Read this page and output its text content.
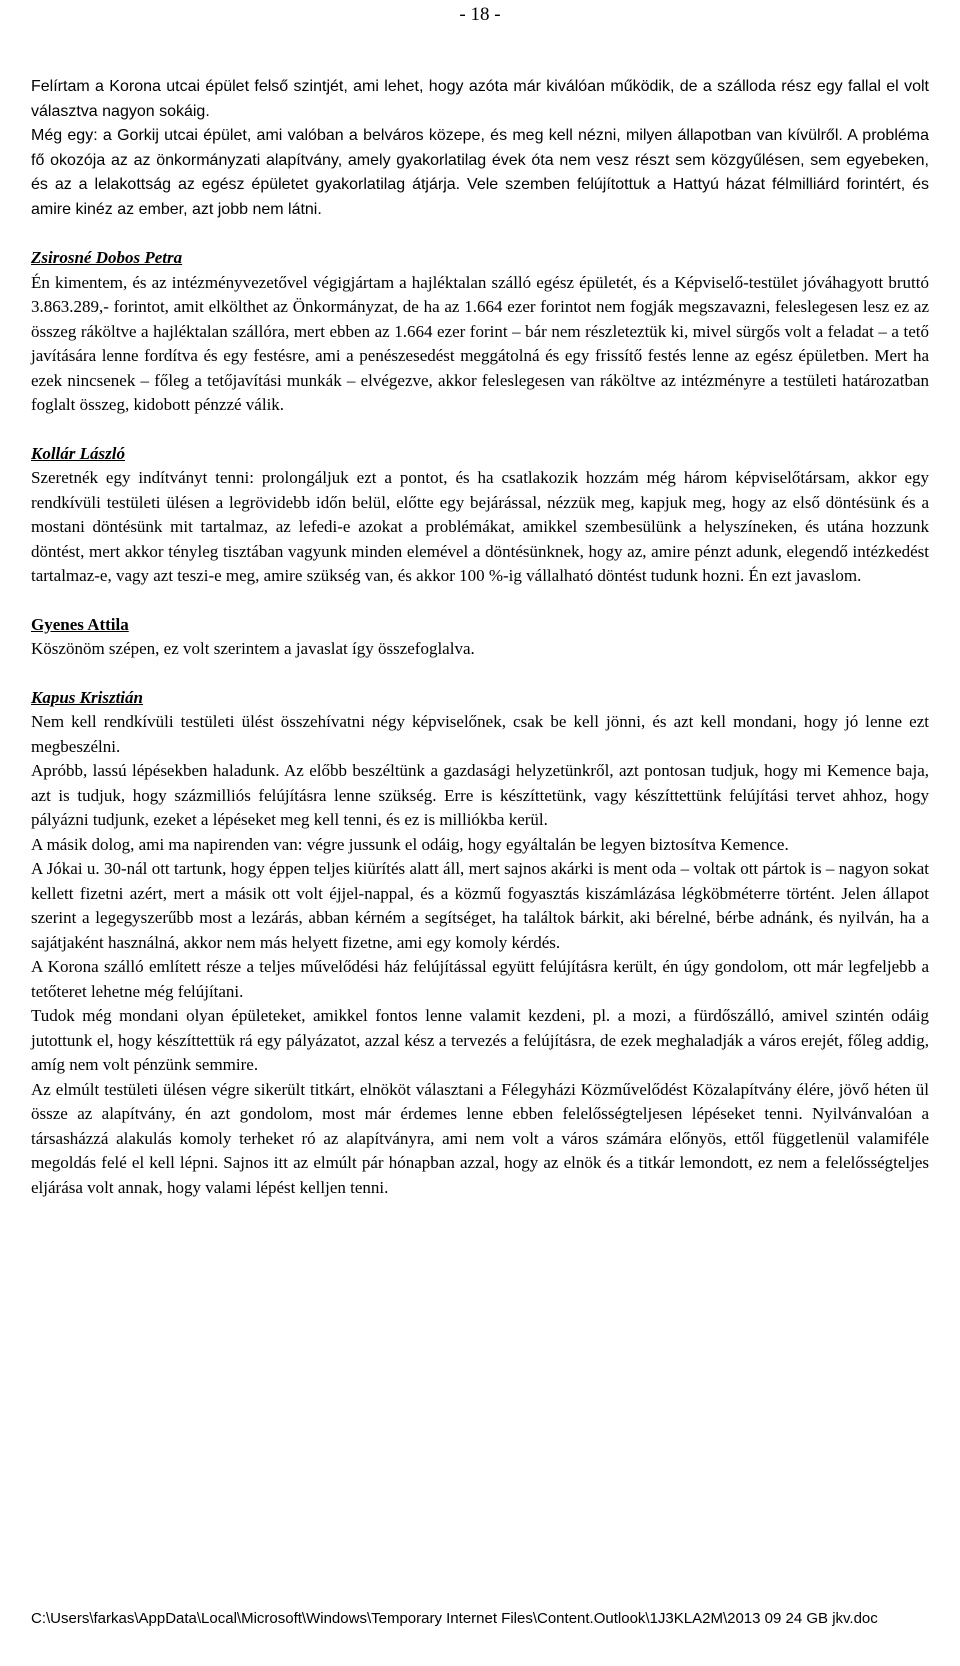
- 18 -

Felírtam a Korona utcai épület felső szintjét, ami lehet, hogy azóta már kiválóan működik, de a szálloda rész egy fallal el volt választva nagyon sokáig.

Még egy: a Gorkij utcai épület, ami valóban a belváros közepe, és meg kell nézni, milyen állapotban van kívülről. A probléma fő okozója az az önkormányzati alapítvány, amely gyakorlatilag évek óta nem vesz részt sem közgyűlésen, sem egyebeken, és az a lelakottság az egész épületet gyakorlatilag átjárja. Vele szemben felújítottuk a Hattyú házat félmilliárd forintért, és amire kinéz az ember, azt jobb nem látni.

Zsirosné Dobos Petra

Én kimentem, és az intézményvezetővel végigjártam a hajléktalan szálló egész épületét, és a Képviselő-testület jóváhagyott bruttó 3.863.289,- forintot, amit elkölthet az Önkormányzat, de ha az 1.664 ezer forintot nem fogják megszavazni, feleslegesen lesz ez az összeg ráköltve a hajléktalan szállóra, mert ebben az 1.664 ezer forint – bár nem részleteztük ki, mivel sürgős volt a feladat – a tető javítására lenne fordítva és egy festésre, ami a penészesedést meggátolná és egy frissítő festés lenne az egész épületben. Mert ha ezek nincsenek – főleg a tetőjavítási munkák – elvégezve, akkor feleslegesen van ráköltve az intézményre a testületi határozatban foglalt összeg, kidobott pénzzé válik.

Kollár László

Szeretnék egy indítványt tenni: prolongáljuk ezt a pontot, és ha csatlakozik hozzám még három képviselőtársam, akkor egy rendkívüli testületi ülésen a legrövidebb időn belül, előtte egy bejárással, nézzük meg, kapjuk meg, hogy az első döntésünk és a mostani döntésünk mit tartalmaz, az lefedi-e azokat a problémákat, amikkel szembesülünk a helyszíneken, és utána hozzunk döntést, mert akkor tényleg tisztában vagyunk minden elemével a döntésünknek, hogy az, amire pénzt adunk, elegendő intézkedést tartalmaz-e, vagy azt teszi-e meg, amire szükség van, és akkor 100 %-ig vállalható döntést tudunk hozni. Én ezt javaslom.

Gyenes Attila

Köszönöm szépen, ez volt szerintem a javaslat így összefoglalva.

Kapus Krisztián

Nem kell rendkívüli testületi ülést összehívatni négy képviselőnek, csak be kell jönni, és azt kell mondani, hogy jó lenne ezt megbeszélni.

Apróbb, lassú lépésekben haladunk. Az előbb beszéltünk a gazdasági helyzetünkről, azt pontosan tudjuk, hogy mi Kemence baja, azt is tudjuk, hogy százmilliós felújításra lenne szükség. Erre is készíttetünk, vagy készíttettünk felújítási tervet ahhoz, hogy pályázni tudjunk, ezeket a lépéseket meg kell tenni, és ez is milliókba kerül.

A másik dolog, ami ma napirenden van: végre jussunk el odáig, hogy egyáltalán be legyen biztosítva Kemence.

A Jókai u. 30-nál ott tartunk, hogy éppen teljes kiürítés alatt áll, mert sajnos akárki is ment oda – voltak ott pártok is – nagyon sokat kellett fizetni azért, mert a másik ott volt éjjel-nappal, és a közmű fogyasztás kiszámlázása légköbméterre történt. Jelen állapot szerint a legegyszerűbb most a lezárás, abban kérném a segítséget, ha találtok bárkit, aki bérelné, bérbe adnánk, és nyilván, ha a sajátjaként használná, akkor nem más helyett fizetne, ami egy komoly kérdés.

A Korona szálló említett része a teljes művelődési ház felújítással együtt felújításra került, én úgy gondolom, ott már legfeljebb a tetőteret lehetne még felújítani.

Tudok még mondani olyan épületeket, amikkel fontos lenne valamit kezdeni, pl. a mozi, a fürdőszálló, amivel szintén odáig jutottunk el, hogy készíttettük rá egy pályázatot, azzal kész a tervezés a felújításra, de ezek meghaladják a város erejét, főleg addig, amíg nem volt pénzünk semmire.

Az elmúlt testületi ülésen végre sikerült titkárt, elnököt választani a Félegyházi Közművelődést Közalapítvány élére, jövő héten ül össze az alapítvány, én azt gondolom, most már érdemes lenne ebben felelősségteljesen lépéseket tenni. Nyilvánvalóan a társasházzá alakulás komoly terheket ró az alapítványra, ami nem volt a város számára előnyös, ettől függetlenül valamiféle megoldás felé el kell lépni. Sajnos itt az elmúlt pár hónapban azzal, hogy az elnök és a titkár lemondott, ez nem a felelősségteljes eljárása volt annak, hogy valami lépést kelljen tenni.

C:\Users\farkas\AppData\Local\Microsoft\Windows\Temporary Internet Files\Content.Outlook\1J3KLA2M\2013 09 24 GB jkv.doc
